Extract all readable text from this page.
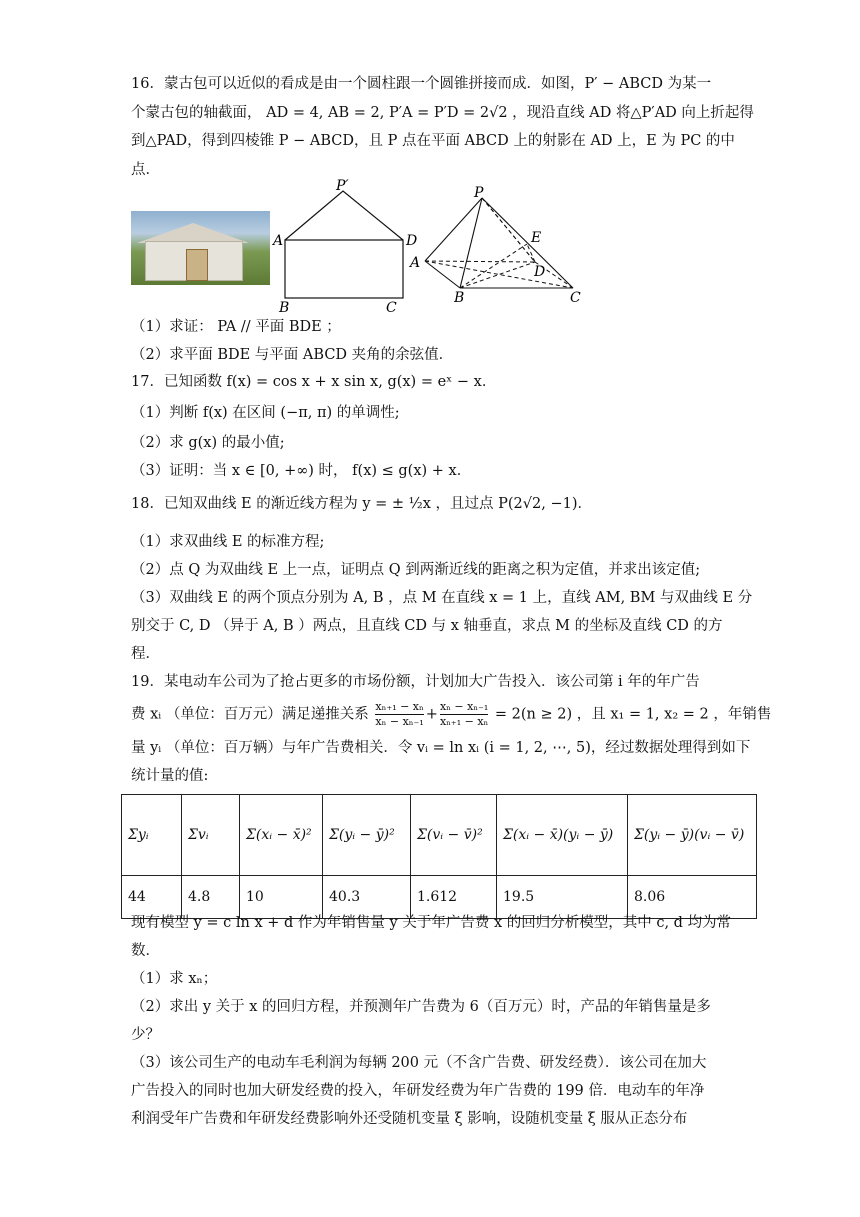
16．蒙古包可以近似的看成是由一个圆柱跟一个圆锥拼接而成．如图，P′ − ABCD 为某一
个蒙古包的轴截面， AD = 4, AB = 2, P′A = P′D = 2√2 ，现沿直线 AD 将△P′AD 向上折起得
到△PAD，得到四棱锥 P − ABCD，且 P 点在平面 ABCD 上的射影在 AD 上，E 为 PC 的中
点．
P′
A	D
B	C
P
A
E
D
B	C
（1）求证： PA // 平面 BDE ；
（2）求平面 BDE 与平面 ABCD 夹角的余弦值．
17．已知函数 f(x) = cos x + x sin x, g(x) = eˣ − x．
（1）判断 f(x) 在区间 (−π, π) 的单调性;
（2）求 g(x) 的最小值;
（3）证明：当 x ∈ [0, +∞) 时， f(x) ≤ g(x) + x．
18．已知双曲线 E 的渐近线方程为 y = ± ½x ，且过点 P(2√2, −1)．
（1）求双曲线 E 的标准方程;
（2）点 Q 为双曲线 E 上一点，证明点 Q 到两渐近线的距离之积为定值，并求出该定值;
（3）双曲线 E 的两个顶点分别为 A, B ，点 M 在直线 x = 1 上，直线 AM, BM 与双曲线 E 分
别交于 C, D （异于 A, B ）两点，且直线 CD 与 x 轴垂直，求点 M 的坐标及直线 CD 的方
程．
19．某电动车公司为了抢占更多的市场份额，计划加大广告投入．该公司第 i 年的年广告
费 xᵢ （单位：百万元）满足递推关系 $\frac{\text{xₙ₊₁ − xₙ}}{\text{xₙ − xₙ₋₁}} + \frac{\text{xₙ − xₙ₋₁}}{\text{xₙ₊₁ − xₙ}} = 2(n \ge 2)$ ，且 x₁ = 1, x₂ = 2 ，年销售
量 yᵢ （单位：百万辆）与年广告费相关．令 vᵢ = ln xᵢ (i = 1, 2, ⋯, 5)，经过数据处理得到如下
统计量的值:
Σyᵢ	Σvᵢ	Σ(xᵢ − x̄)²	Σ(yᵢ − ȳ)²	Σ(vᵢ − v̄)²	Σ(xᵢ − x̄)(yᵢ − ȳ)	Σ(yᵢ − ȳ)(vᵢ − v̄)
44	4.8	10	40.3	1.612	19.5	8.06
现有模型 y = c ln x + d 作为年销售量 y 关于年广告费 x 的回归分析模型，其中 c, d 均为常
数．
（1）求 xₙ；
（2）求出 y 关于 x 的回归方程，并预测年广告费为 6（百万元）时，产品的年销售量是多
少？
（3）该公司生产的电动车毛利润为每辆 200 元（不含广告费、研发经费）．该公司在加大
广告投入的同时也加大研发经费的投入，年研发经费为年广告费的 199 倍．电动车的年净
利润受年广告费和年研发经费影响外还受随机变量 ξ 影响，设随机变量 ξ 服从正态分布
